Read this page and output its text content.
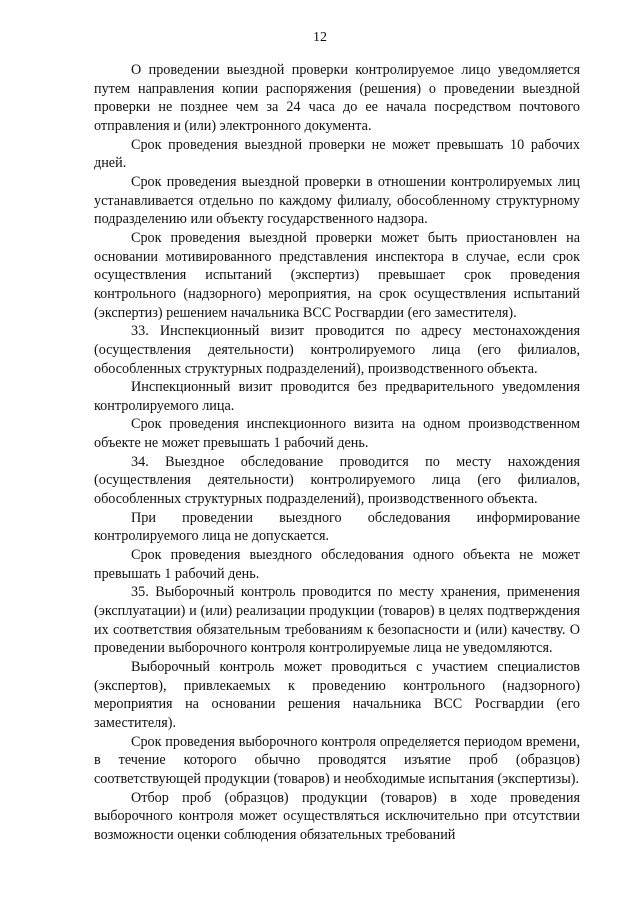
12

О проведении выездной проверки контролируемое лицо уведомляется путем направления копии распоряжения (решения) о проведении выездной проверки не позднее чем за 24 часа до ее начала посредством почтового отправления и (или) электронного документа.

Срок проведения выездной проверки не может превышать 10 рабочих дней.

Срок проведения выездной проверки в отношении контролируемых лиц устанавливается отдельно по каждому филиалу, обособленному структурному подразделению или объекту государственного надзора.

Срок проведения выездной проверки может быть приостановлен на основании мотивированного представления инспектора в случае, если срок осуществления испытаний (экспертиз) превышает срок проведения контрольного (надзорного) мероприятия, на срок осуществления испытаний (экспертиз) решением начальника ВСС Росгвардии (его заместителя).

33. Инспекционный визит проводится по адресу местонахождения (осуществления деятельности) контролируемого лица (его филиалов, обособленных структурных подразделений), производственного объекта.

Инспекционный визит проводится без предварительного уведомления контролируемого лица.

Срок проведения инспекционного визита на одном производственном объекте не может превышать 1 рабочий день.

34. Выездное обследование проводится по месту нахождения (осуществления деятельности) контролируемого лица (его филиалов, обособленных структурных подразделений), производственного объекта.

При проведении выездного обследования информирование контролируемого лица не допускается.

Срок проведения выездного обследования одного объекта не может превышать 1 рабочий день.

35. Выборочный контроль проводится по месту хранения, применения (эксплуатации) и (или) реализации продукции (товаров) в целях подтверждения их соответствия обязательным требованиям к безопасности и (или) качеству. О проведении выборочного контроля контролируемые лица не уведомляются.

Выборочный контроль может проводиться с участием специалистов (экспертов), привлекаемых к проведению контрольного (надзорного) мероприятия на основании решения начальника ВСС Росгвардии (его заместителя).

Срок проведения выборочного контроля определяется периодом времени, в течение которого обычно проводятся изъятие проб (образцов) соответствующей продукции (товаров) и необходимые испытания (экспертизы).

Отбор проб (образцов) продукции (товаров) в ходе проведения выборочного контроля может осуществляться исключительно при отсутствии возможности оценки соблюдения обязательных требований
